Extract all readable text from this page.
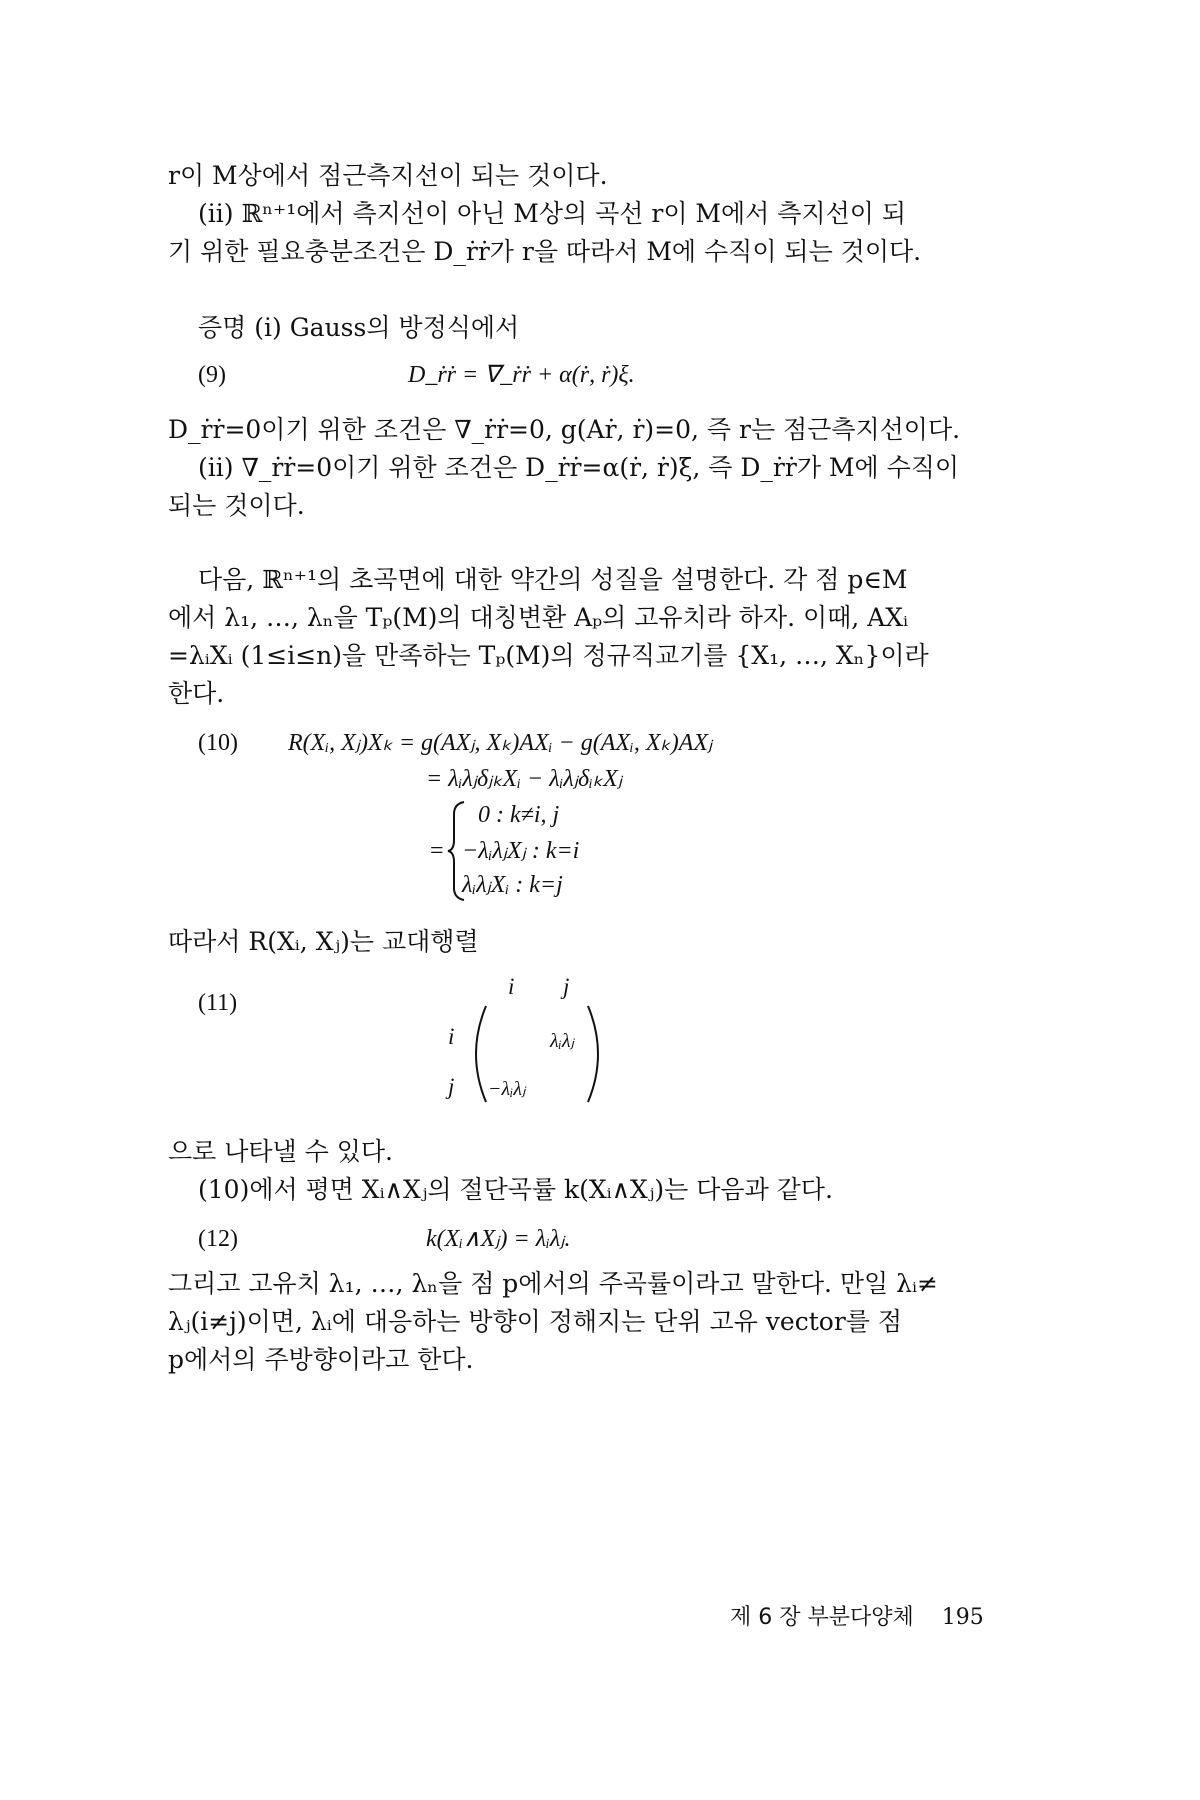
r이 M상에서 점근측지선이 되는 것이다.
(ii) ℝⁿ⁺¹에서 측지선이 아닌 M상의 곡선 r이 M에서 측지선이 되
기 위한 필요충분조건은 D_ṙṙ가 r을 따라서 M에 수직이 되는 것이다.
증명 (i) Gauss의 방정식에서
(9)	D_ṙṙ = ∇_ṙṙ + α(ṙ, ṙ)ξ.
D_ṙṙ=0이기 위한 조건은 ∇_ṙṙ=0, g(Aṙ, ṙ)=0, 즉 r는 점근측지선이다.
(ii) ∇_ṙṙ=0이기 위한 조건은 D_ṙṙ=α(ṙ, ṙ)ξ, 즉 D_ṙṙ가 M에 수직이
되는 것이다.
다음, ℝⁿ⁺¹의 초곡면에 대한 약간의 성질을 설명한다. 각 점 p∈M
에서 λ₁, …, λₙ을 Tₚ(M)의 대칭변환 Aₚ의 고유치라 하자. 이때, AXᵢ
=λᵢXᵢ (1≤i≤n)을 만족하는 Tₚ(M)의 정규직교기를 {X₁, …, Xₙ}이라
한다.
(10) R(Xᵢ, Xⱼ)Xₖ = g(AXⱼ, Xₖ)AXᵢ − g(AXᵢ, Xₖ)AXⱼ
= λᵢλⱼδⱼₖXᵢ − λᵢλⱼδᵢₖXⱼ
=
0 : k≠i, j
−λᵢλⱼXⱼ : k=i
λᵢλⱼXᵢ : k=j
따라서 R(Xᵢ, Xⱼ)는 교대행렬
(11)
i j
i
j
λᵢλⱼ
−λᵢλⱼ
으로 나타낼 수 있다.
(10)에서 평면 Xᵢ∧Xⱼ의 절단곡률 k(Xᵢ∧Xⱼ)는 다음과 같다.
(12)	k(Xᵢ∧Xⱼ) = λᵢλⱼ.
그리고 고유치 λ₁, …, λₙ을 점 p에서의 주곡률이라고 말한다. 만일 λᵢ≠
λⱼ(i≠j)이면, λᵢ에 대응하는 방향이 정해지는 단위 고유 vector를 점
p에서의 주방향이라고 한다.
제 6 장 부분다양체 195
